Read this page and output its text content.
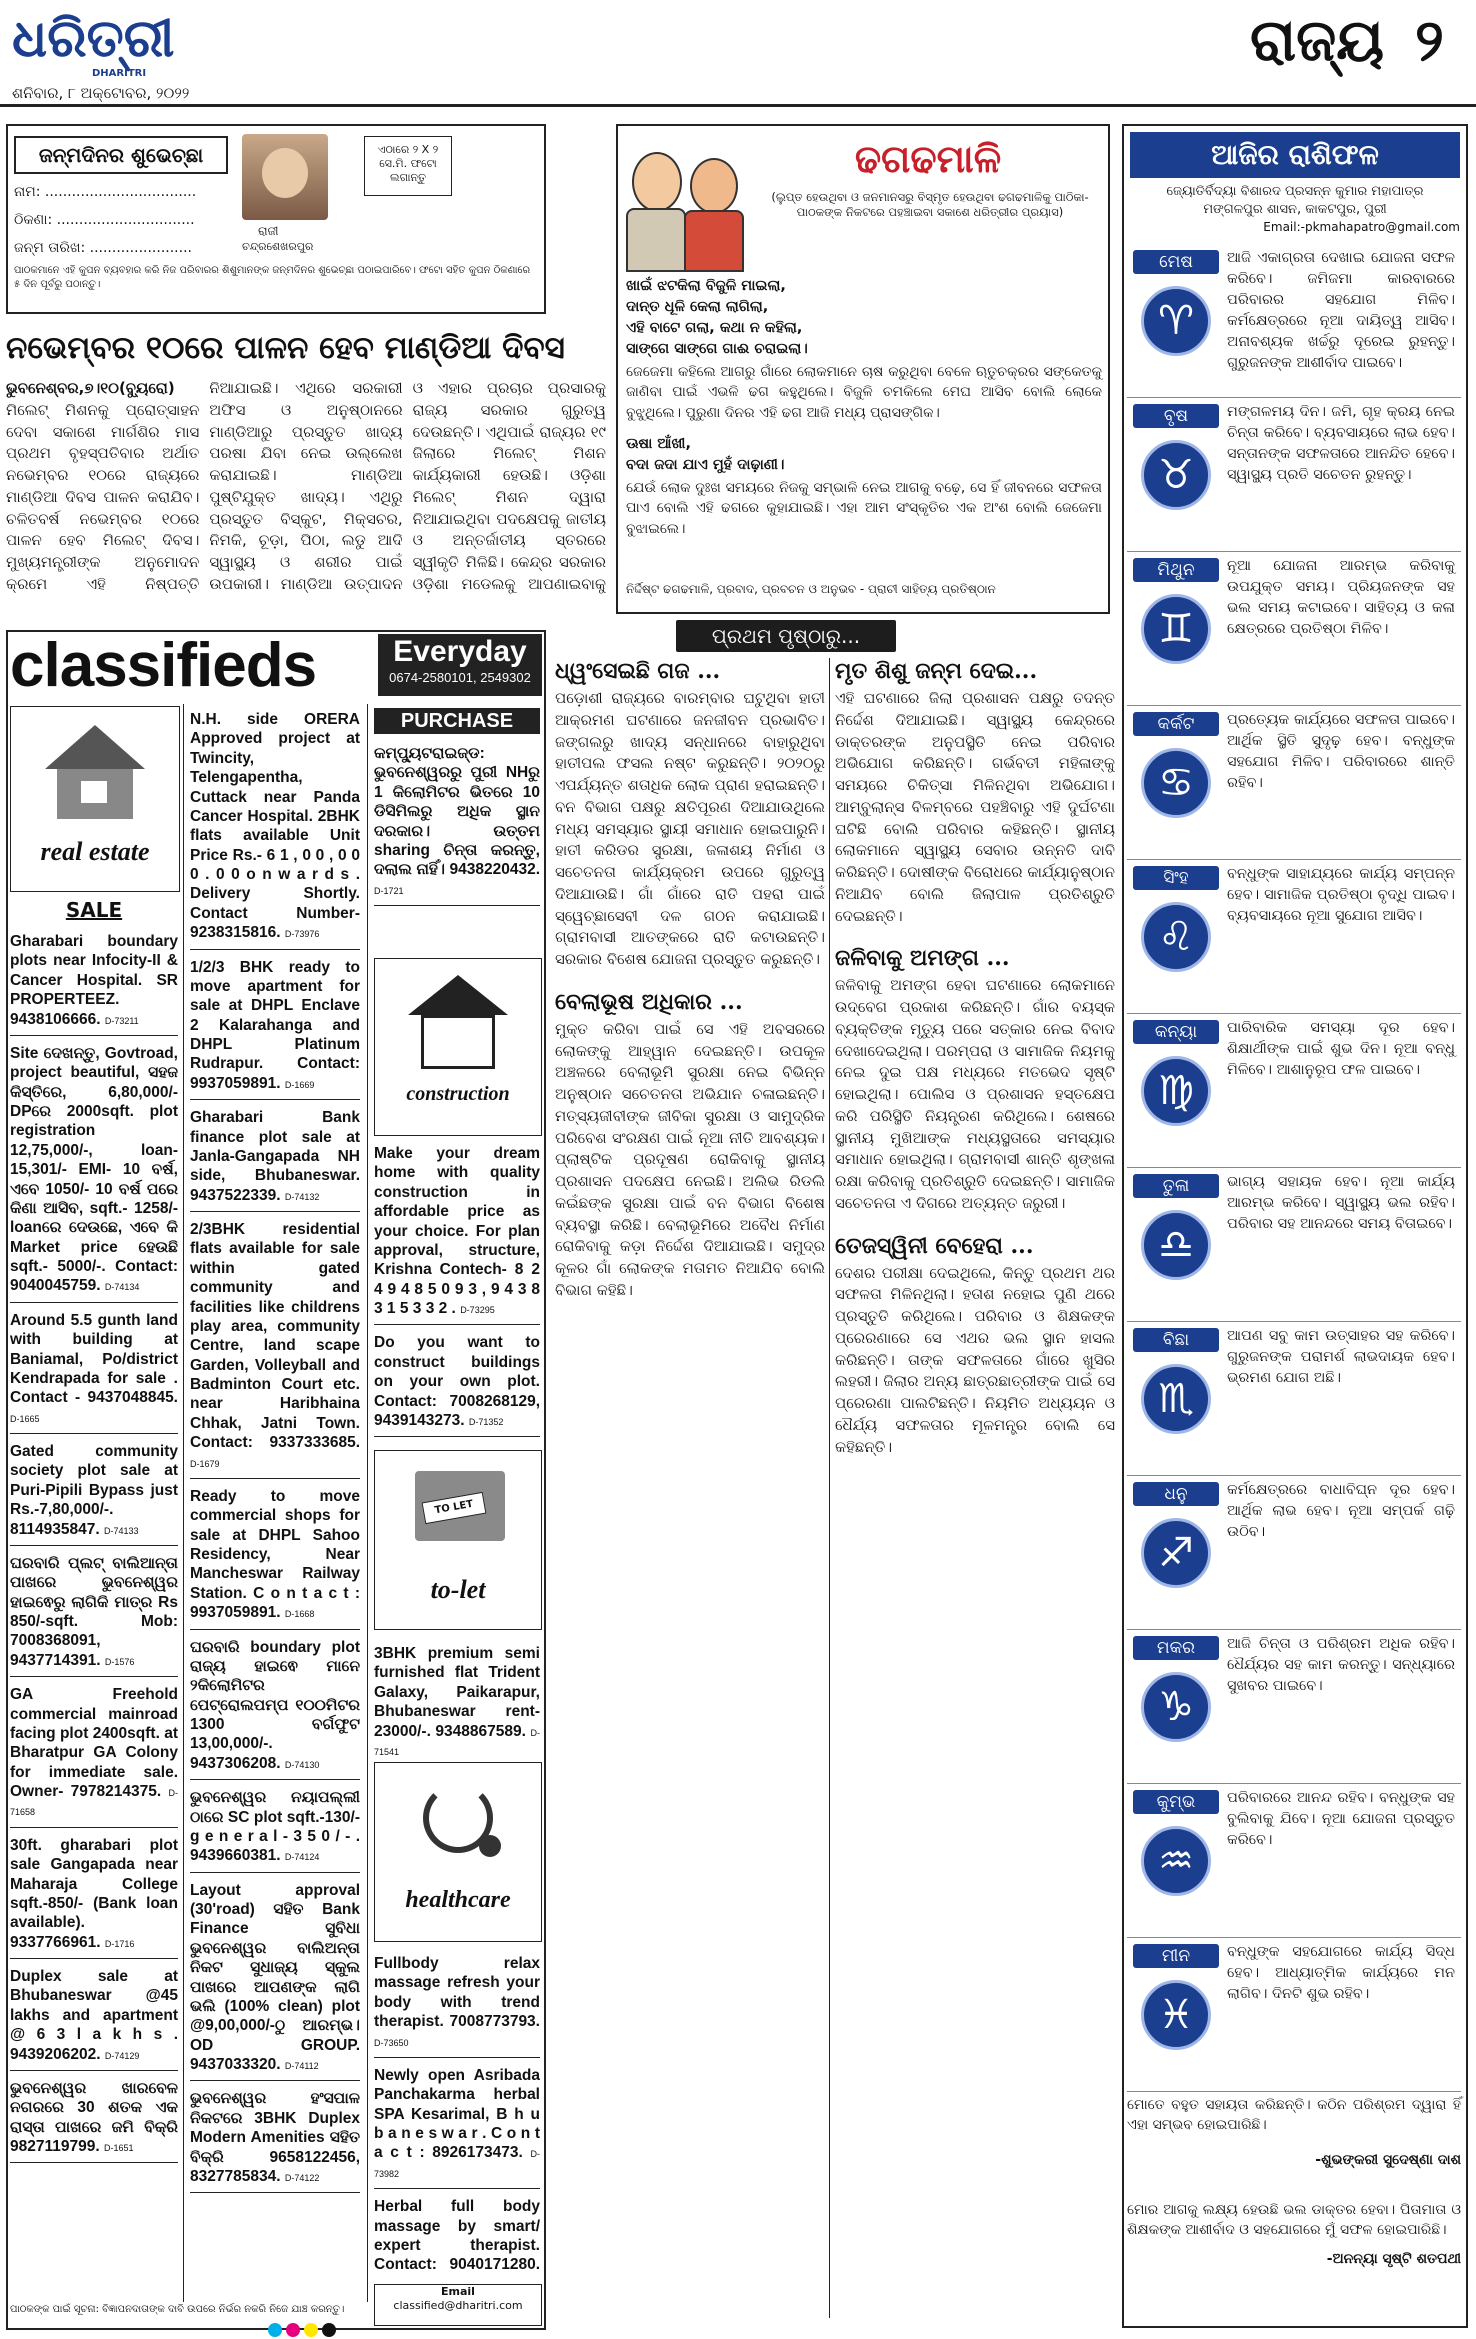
ଧରିତ୍ରୀ
DHARITRI
ଶନିବାର, ୮ ଅକ୍ଟୋବର, ୨୦୨୨
ରାଜ୍ୟ ୨
ଜନ୍ମଦିନର ଶୁଭେଚ୍ଛା
ନାମ: ..................................
ଠିକଣା: ...............................
ଜନ୍ମ ତାରିଖ: .......................
ରାଜୀ
ଚନ୍ଦ୍ରଶେଖରପୁର
ଏଠାରେ ୨ X ୨ ସେ.ମି. ଫଟୋ ଲଗାନ୍ତୁ
ପାଠକମାନେ ଏହି କୁପନ ବ୍ୟବହାର କରି ନିଜ ପରିବାରର ଶିଶୁମାନଙ୍କ ଜନ୍ମଦିନର ଶୁଭେଚ୍ଛା ପଠାଇପାରିବେ। ଫଟୋ ସହିତ କୁପନ ଠିକଣାରେ ୫ ଦିନ ପୂର୍ବରୁ ପଠାନ୍ତୁ।
ନଭେମ୍ବର ୧୦ରେ ପାଳନ ହେବ ମାଣ୍ଡିଆ ଦିବସ
ଭୁବନେଶ୍ବର,୭।୧୦(ବ୍ୟୁରୋ) ମିଲେଟ୍ ମିଶନକୁ ପ୍ରୋତ୍ସାହନ ଦେବା ସକାଶେ ମାର୍ଗଶିର ମାସ ପ୍ରଥମ ବୃହସ୍ପତିବାର ଅର୍ଥାତ ନଭେମ୍ବର ୧୦ରେ ରାଜ୍ୟରେ ମାଣ୍ଡିଆ ଦିବସ ପାଳନ କରାଯିବ। ଚଳିତବର୍ଷ ନଭେମ୍ବର ୧୦ରେ ପାଳନ ହେବ ମିଲେଟ୍ ଦିବସ। ମୁଖ୍ୟମନ୍ତ୍ରୀଙ୍କ ଅନୁମୋଦନ କ୍ରମେ ଏହି ନିଷ୍ପତ୍ତି ନିଆଯାଇଛି। ଏଥିରେ ସରକାରୀ ଅଫିସ ଓ ଅନୁଷ୍ଠାନରେ ମାଣ୍ଡିଆରୁ ପ୍ରସ୍ତୁତ ଖାଦ୍ୟ ପରଷା ଯିବା ନେଇ ଉଲ୍ଲେଖ କରାଯାଇଛି। ମାଣ୍ଡିଆ ପୁଷ୍ଟିଯୁକ୍ତ ଖାଦ୍ୟ। ଏଥିରୁ ପ୍ରସ୍ତୁତ ବିସ୍କୁଟ, ମିକ୍ସଚର, ନିମକି, ଚୂଡ଼ା, ପିଠା, ଲଡୁ ଆଦି ସ୍ୱାସ୍ଥ୍ୟ ଓ ଶରୀର ପାଇଁ ଉପକାରୀ। ମାଣ୍ଡିଆ ଉତ୍ପାଦନ ଓ ଏହାର ପ୍ରଚାର ପ୍ରସାରକୁ ରାଜ୍ୟ ସରକାର ଗୁରୁତ୍ୱ ଦେଉଛନ୍ତି। ଏଥିପାଇଁ ରାଜ୍ୟର ୧୯ ଜିଲାରେ ମିଲେଟ୍ ମିଶନ କାର୍ଯ୍ୟକାରୀ ହେଉଛି। ଓଡ଼ିଶା ମିଲେଟ୍ ମିଶନ ଦ୍ୱାରା ନିଆଯାଇଥିବା ପଦକ୍ଷେପକୁ ଜାତୀୟ ଓ ଅନ୍ତର୍ଜାତୀୟ ସ୍ତରରେ ସ୍ୱୀକୃତି ମିଳିଛି। କେନ୍ଦ୍ର ସରକାର ଓଡ଼ିଶା ମଡେଲକୁ ଆପଣାଇବାକୁ
ଢଗଢମାଳି
(ଲୁପ୍ତ ହେଉଥିବା ଓ ଜନମାନସରୁ ବିସ୍ମୃତ ହେଉଥିବା ଢଗଢମାଳିକୁ ପାଠିକା-ପାଠକଙ୍କ ନିକଟରେ ପହଞ୍ଚାଇବା ସକାଶେ ଧରିତ୍ରୀର ପ୍ରୟାସ)
ଖାଇଁ ଝଟକିଲା ବିଜୁଳି ମାଇଲା,
ଦାନ୍ତ ଧୂଳି କେଲା ଲାଗିଲା,
ଏହି ବାଟେ ଗଲା, କଥା ନ କହିଲା,
ସାଙ୍ଗେ ସାଙ୍ଗେ ଗାଈ ଚରାଇଲା।
ଜେଜେମା କହିଲେ ଆଗରୁ ଗାଁରେ ଲୋକମାନେ ଚାଷ କରୁଥିବା ବେଳେ ଋତୁଚକ୍ରର ସଙ୍କେତକୁ ଜାଣିବା ପାଇଁ ଏଭଳି ଢଗ କହୁଥିଲେ। ବିଜୁଳି ଚମକିଲେ ମେଘ ଆସିବ ବୋଲି ଲୋକେ ବୁଝୁଥିଲେ। ପୁରୁଣା ଦିନର ଏହି ଢଗ ଆଜି ମଧ୍ୟ ପ୍ରାସଙ୍ଗିକ।
ଊଷା ଆଁଖୀ,
ବଦା ଜଦା ଯାଏ ମୁହଁ ଦାଢ଼ାଣୀ।
ଯେଉଁ ଲୋକ ଦୁଃଖ ସମୟରେ ନିଜକୁ ସମ୍ଭାଳି ନେଇ ଆଗକୁ ବଢ଼େ, ସେ ହିଁ ଜୀବନରେ ସଫଳତା ପାଏ ବୋଲି ଏହି ଢଗରେ କୁହାଯାଇଛି। ଏହା ଆମ ସଂସ୍କୃତିର ଏକ ଅଂଶ ବୋଲି ଜେଜେମା ବୁଝାଇଲେ।
ନିର୍ଦ୍ଦିଷ୍ଟ ଢଗଢମାଳି, ପ୍ରବାଦ, ପ୍ରବଚନ ଓ ଅନୁଭବ - ପ୍ରାଚୀ ସାହିତ୍ୟ ପ୍ରତିଷ୍ଠାନ
ଆଜିର ରାଶିଫଳ
ଜ୍ୟୋତିର୍ବିଦ୍ୟା ବିଶାରଦ ପ୍ରସନ୍ନ କୁମାର ମହାପାତ୍ର
ମଙ୍ଗଳପୁର ଶାସନ, କାକଟପୁର, ପୁରୀ
Email:-pkmahapatro@gmail.com
ମେଷ
♈
ଆଜି ଏକାଗ୍ରତା ଦେଖାଇ ଯୋଜନା ସଫଳ କରିବେ। ଜମିଜମା କାରବାରରେ ପରିବାରର ସହଯୋଗ ମିଳିବ। କର୍ମକ୍ଷେତ୍ରରେ ନୂଆ ଦାୟିତ୍ୱ ଆସିବ। ଅନାବଶ୍ୟକ ଖର୍ଚ୍ଚରୁ ଦୂରେଇ ରୁହନ୍ତୁ। ଗୁରୁଜନଙ୍କ ଆଶୀର୍ବାଦ ପାଇବେ।
ବୃଷ
♉
ମଙ୍ଗଳମୟ ଦିନ। ଜମି, ଗୃହ କ୍ରୟ ନେଇ ଚିନ୍ତା କରିବେ। ବ୍ୟବସାୟରେ ଲାଭ ହେବ। ସନ୍ତାନଙ୍କ ସଫଳତାରେ ଆନନ୍ଦିତ ହେବେ। ସ୍ୱାସ୍ଥ୍ୟ ପ୍ରତି ସଚେତନ ରୁହନ୍ତୁ।
ମିଥୁନ
♊
ନୂଆ ଯୋଜନା ଆରମ୍ଭ କରିବାକୁ ଉପଯୁକ୍ତ ସମୟ। ପ୍ରିୟଜନଙ୍କ ସହ ଭଲ ସମୟ କଟାଇବେ। ସାହିତ୍ୟ ଓ କଳା କ୍ଷେତ୍ରରେ ପ୍ରତିଷ୍ଠା ମିଳିବ।
କର୍କଟ
♋
ପ୍ରତ୍ୟେକ କାର୍ଯ୍ୟରେ ସଫଳତା ପାଇବେ। ଆର୍ଥିକ ସ୍ଥିତି ସୁଦୃଢ଼ ହେବ। ବନ୍ଧୁଙ୍କ ସହଯୋଗ ମିଳିବ। ପରିବାରରେ ଶାନ୍ତି ରହିବ।
ସିଂହ
♌
ବନ୍ଧୁଙ୍କ ସାହାଯ୍ୟରେ କାର୍ଯ୍ୟ ସମ୍ପନ୍ନ ହେବ। ସାମାଜିକ ପ୍ରତିଷ୍ଠା ବୃଦ୍ଧି ପାଇବ। ବ୍ୟବସାୟରେ ନୂଆ ସୁଯୋଗ ଆସିବ।
କନ୍ୟା
♍
ପାରିବାରିକ ସମସ୍ୟା ଦୂର ହେବ। ଶିକ୍ଷାର୍ଥୀଙ୍କ ପାଇଁ ଶୁଭ ଦିନ। ନୂଆ ବନ୍ଧୁ ମିଳିବେ। ଆଶାନୁରୂପ ଫଳ ପାଇବେ।
ତୁଳା
♎
ଭାଗ୍ୟ ସହାୟକ ହେବ। ନୂଆ କାର୍ଯ୍ୟ ଆରମ୍ଭ କରିବେ। ସ୍ୱାସ୍ଥ୍ୟ ଭଲ ରହିବ। ପରିବାର ସହ ଆନନ୍ଦରେ ସମୟ ବିତାଇବେ।
ବିଛା
♏
ଆପଣ ସବୁ କାମ ଉତ୍ସାହର ସହ କରିବେ। ଗୁରୁଜନଙ୍କ ପରାମର୍ଶ ଲାଭଦାୟକ ହେବ। ଭ୍ରମଣ ଯୋଗ ଅଛି।
ଧନୁ
♐
କର୍ମକ୍ଷେତ୍ରରେ ବାଧାବିଘ୍ନ ଦୂର ହେବ। ଆର୍ଥିକ ଲାଭ ହେବ। ନୂଆ ସମ୍ପର୍କ ଗଢ଼ି ଉଠିବ।
ମକର
♑
ଆଜି ଚିନ୍ତା ଓ ପରିଶ୍ରମ ଅଧିକ ରହିବ। ଧୈର୍ଯ୍ୟର ସହ କାମ କରନ୍ତୁ। ସନ୍ଧ୍ୟାରେ ସୁଖବର ପାଇବେ।
କୁମ୍ଭ
♒
ପରିବାରରେ ଆନନ୍ଦ ରହିବ। ବନ୍ଧୁଙ୍କ ସହ ବୁଲିବାକୁ ଯିବେ। ନୂଆ ଯୋଜନା ପ୍ରସ୍ତୁତ କରିବେ।
ମୀନ
♓
ବନ୍ଧୁଙ୍କ ସହଯୋଗରେ କାର୍ଯ୍ୟ ସିଦ୍ଧ ହେବ। ଆଧ୍ୟାତ୍ମିକ କାର୍ଯ୍ୟରେ ମନ ଲାଗିବ। ଦିନଟି ଶୁଭ ରହିବ।
ମୋତେ ବହୁତ ସହାୟତା କରିଛନ୍ତି। କଠିନ ପରିଶ୍ରମ ଦ୍ୱାରା ହିଁ ଏହା ସମ୍ଭବ ହୋଇପାରିଛି।
-ଶୁଭଙ୍କରୀ ସୁଦେଷ୍ଣା ଦାଶ
ମୋର ଆଗକୁ ଲକ୍ଷ୍ୟ ହେଉଛି ଭଲ ଡାକ୍ତର ହେବା। ପିତାମାତା ଓ ଶିକ୍ଷକଙ୍କ ଆଶୀର୍ବାଦ ଓ ସହଯୋଗରେ ମୁଁ ସଫଳ ହୋଇପାରିଛି।
-ଅନନ୍ୟା ସୃଷ୍ଟି ଶତପଥୀ
ପ୍ରଥମ ପୃଷ୍ଠାରୁ...
ଧ୍ୱଂସେଇଛି ଗଜ ...
ପଡ଼ୋଶୀ ରାଜ୍ୟରେ ବାରମ୍ବାର ଘଟୁଥିବା ହାତୀ ଆକ୍ରମଣ ଘଟଣାରେ ଜନଜୀବନ ପ୍ରଭାବିତ। ଜଙ୍ଗଲରୁ ଖାଦ୍ୟ ସନ୍ଧାନରେ ବାହାରୁଥିବା ହାତୀପଲ ଫସଲ ନଷ୍ଟ କରୁଛନ୍ତି। ୨୦୨୦ରୁ ଏପର୍ଯ୍ୟନ୍ତ ଶତାଧିକ ଲୋକ ପ୍ରାଣ ହରାଇଛନ୍ତି। ବନ ବିଭାଗ ପକ୍ଷରୁ କ୍ଷତିପୂରଣ ଦିଆଯାଉଥିଲେ ମଧ୍ୟ ସମସ୍ୟାର ସ୍ଥାୟୀ ସମାଧାନ ହୋଇପାରୁନି। ହାତୀ କରିଡର ସୁରକ୍ଷା, ଜଳାଶୟ ନିର୍ମାଣ ଓ ସଚେତନତା କାର୍ଯ୍ୟକ୍ରମ ଉପରେ ଗୁରୁତ୍ୱ ଦିଆଯାଉଛି। ଗାଁ ଗାଁରେ ରାତି ପହରା ପାଇଁ ସ୍ୱେଚ୍ଛାସେବୀ ଦଳ ଗଠନ କରାଯାଇଛି। ଗ୍ରାମବାସୀ ଆତଙ୍କରେ ରାତି କଟାଉଛନ୍ତି। ସରକାର ବିଶେଷ ଯୋଜନା ପ୍ରସ୍ତୁତ କରୁଛନ୍ତି।
ବେଲାଭୂଷ ଅଧିକାର ...
ମୁକ୍ତ କରିବା ପାଇଁ ସେ ଏହି ଅବସରରେ ଲୋକଙ୍କୁ ଆହ୍ୱାନ ଦେଇଛନ୍ତି। ଉପକୂଳ ଅଞ୍ଚଳରେ ବେଲାଭୂମି ସୁରକ୍ଷା ନେଇ ବିଭିନ୍ନ ଅନୁଷ୍ଠାନ ସଚେତନତା ଅଭିଯାନ ଚଳାଇଛନ୍ତି। ମତ୍ସ୍ୟଜୀବୀଙ୍କ ଜୀବିକା ସୁରକ୍ଷା ଓ ସାମୁଦ୍ରିକ ପରିବେଶ ସଂରକ୍ଷଣ ପାଇଁ ନୂଆ ନୀତି ଆବଶ୍ୟକ। ପ୍ଲାଷ୍ଟିକ ପ୍ରଦୂଷଣ ରୋକିବାକୁ ସ୍ଥାନୀୟ ପ୍ରଶାସନ ପଦକ୍ଷେପ ନେଇଛି। ଅଲିଭ ରିଡଲି କଇଁଛଙ୍କ ସୁରକ୍ଷା ପାଇଁ ବନ ବିଭାଗ ବିଶେଷ ବ୍ୟବସ୍ଥା କରିଛି। ବେଲାଭୂମିରେ ଅବୈଧ ନିର୍ମାଣ ରୋକିବାକୁ କଡ଼ା ନିର୍ଦ୍ଦେଶ ଦିଆଯାଇଛି। ସମୁଦ୍ର କୂଳର ଗାଁ ଲୋକଙ୍କ ମତାମତ ନିଆଯିବ ବୋଲି ବିଭାଗ କହିଛି।
ମୃତ ଶିଶୁ ଜନ୍ମ ଦେଇ...
ଏହି ଘଟଣାରେ ଜିଲା ପ୍ରଶାସନ ପକ୍ଷରୁ ତଦନ୍ତ ନିର୍ଦ୍ଦେଶ ଦିଆଯାଇଛି। ସ୍ୱାସ୍ଥ୍ୟ କେନ୍ଦ୍ରରେ ଡାକ୍ତରଙ୍କ ଅନୁପସ୍ଥିତି ନେଇ ପରିବାର ଅଭିଯୋଗ କରିଛନ୍ତି। ଗର୍ଭବତୀ ମହିଳାଙ୍କୁ ସମୟରେ ଚିକିତ୍ସା ମିଳିନଥିବା ଅଭିଯୋଗ। ଆମ୍ବୁଲାନ୍ସ ବିଳମ୍ବରେ ପହଞ୍ଚିବାରୁ ଏହି ଦୁର୍ଘଟଣା ଘଟିଛି ବୋଲି ପରିବାର କହିଛନ୍ତି। ସ୍ଥାନୀୟ ଲୋକମାନେ ସ୍ୱାସ୍ଥ୍ୟ ସେବାର ଉନ୍ନତି ଦାବି କରିଛନ୍ତି। ଦୋଷୀଙ୍କ ବିରୋଧରେ କାର୍ଯ୍ୟାନୁଷ୍ଠାନ ନିଆଯିବ ବୋଲି ଜିଲାପାଳ ପ୍ରତିଶ୍ରୁତି ଦେଇଛନ୍ତି।
ଜଳିବାକୁ ଅମଙ୍ଗ ...
ଜଳିବାକୁ ଅମଙ୍ଗ ହେବା ଘଟଣାରେ ଲୋକମାନେ ଉଦ୍‌ବେଗ ପ୍ରକାଶ କରିଛନ୍ତି। ଗାଁର ବୟସ୍କ ବ୍ୟକ୍ତିଙ୍କ ମୃତ୍ୟୁ ପରେ ସତ୍କାର ନେଇ ବିବାଦ ଦେଖାଦେଇଥିଲା। ପରମ୍ପରା ଓ ସାମାଜିକ ନିୟମକୁ ନେଇ ଦୁଇ ପକ୍ଷ ମଧ୍ୟରେ ମତଭେଦ ସୃଷ୍ଟି ହୋଇଥିଲା। ପୋଲିସ ଓ ପ୍ରଶାସନ ହସ୍ତକ୍ଷେପ କରି ପରିସ୍ଥିତି ନିୟନ୍ତ୍ରଣ କରିଥିଲେ। ଶେଷରେ ସ୍ଥାନୀୟ ମୁଖିଆଙ୍କ ମଧ୍ୟସ୍ଥତାରେ ସମସ୍ୟାର ସମାଧାନ ହୋଇଥିଲା। ଗ୍ରାମବାସୀ ଶାନ୍ତି ଶୃଙ୍ଖଳା ରକ୍ଷା କରିବାକୁ ପ୍ରତିଶ୍ରୁତି ଦେଇଛନ୍ତି। ସାମାଜିକ ସଚେତନତା ଏ ଦିଗରେ ଅତ୍ୟନ୍ତ ଜରୁରୀ।
ତେଜସ୍ୱିନୀ ବେହେରା ...
ଦେଶର ପରୀକ୍ଷା ଦେଇଥିଲେ, କିନ୍ତୁ ପ୍ରଥମ ଥର ସଫଳତା ମିଳିନଥିଲା। ହତାଶ ନହୋଇ ପୁଣି ଥରେ ପ୍ରସ୍ତୁତି କରିଥିଲେ। ପରିବାର ଓ ଶିକ୍ଷକଙ୍କ ପ୍ରେରଣାରେ ସେ ଏଥର ଭଲ ସ୍ଥାନ ହାସଲ କରିଛନ୍ତି। ତାଙ୍କ ସଫଳତାରେ ଗାଁରେ ଖୁସିର ଲହରୀ। ଜିଲାର ଅନ୍ୟ ଛାତ୍ରଛାତ୍ରୀଙ୍କ ପାଇଁ ସେ ପ୍ରେରଣା ପାଲଟିଛନ୍ତି। ନିୟମିତ ଅଧ୍ୟୟନ ଓ ଧୈର୍ଯ୍ୟ ସଫଳତାର ମୂଳମନ୍ତ୍ର ବୋଲି ସେ କହିଛନ୍ତି।
classifieds	Everyday
0674-2580101, 2549302
real estate
SALE
Gharabari boundary plots near Infocity-II & Cancer Hospital. SR PROPERTEEZ. 9438106666. D-73211
Site ଦେଖନ୍ତୁ, Govtroad, project beautiful, ସହଜ କିସ୍ତିରେ, 6,80,000/-DPରେ 2000sqft. plot registration 12,75,000/-, loan-15,301/- EMI- 10 ବର୍ଷ, ଏବେ 1050/- 10 ବର୍ଷ ପରେ କିଣା ଆସିବ, sqft.- 1258/- loanରେ ଦେଉଛେ, ଏବେ କି Market price ହେଉଛି sqft.- 5000/-. Contact: 9040045759. D-74134
Around 5.5 gunth land with building at Baniamal, Po/district Kendrapada for sale . Contact - 9437048845. D-1665
Gated community society plot sale at Puri-Pipili Bypass just Rs.-7,80,000/-. 8114935847. D-74133
ଘରବାରି ପ୍ଲଟ୍ ବାଲିଆନ୍ତା ପାଖରେ ଭୁବନେଶ୍ୱର ହାଇଵେରୁ ଲାଗିକି ମାତ୍ର Rs 850/-sqft. Mob: 7008368091, 9437714391. D-1576
GA Freehold commercial mainroad facing plot 2400sqft. at Bharatpur GA Colony for immediate sale. Owner- 7978214375. D-71658
30ft. gharabari plot sale Gangapada near Maharaja College sqft.-850/- (Bank loan available). 9337766961. D-1716
Duplex sale at Bhubaneswar @45 lakhs and apartment @ 6 3 l a k h s . 9439206202. D-74129
ଭୁବନେଶ୍ୱର ଖାରବେଳ ନଗରରେ 30 ଶତକ ଏକ ରାସ୍ତା ପାଖରେ ଜମି ବିକ୍ରି 9827119799. D-1651
N.H. side ORERA Approved project at Twincity, Telengapentha, Cuttack near Panda Cancer Hospital. 2BHK flats available Unit Price Rs.- 6 1 , 0 0 , 0 0 0 . 0 0 o n w a r d s . Delivery Shortly. Contact Number- 9238315816. D-73976
1/2/3 BHK ready to move apartment for sale at DHPL Enclave 2 Kalarahanga and DHPL Platinum Rudrapur. Contact: 9937059891. D-1669
Gharabari Bank finance plot sale at Janla-Gangapada NH side, Bhubaneswar. 9437522339. D-74132
2/3BHK residential flats available for sale within gated community and facilities like childrens play area, community Centre, land scape Garden, Volleyball and Badminton Court etc. near Haribhaina Chhak, Jatni Town. Contact: 9337333685. D-1679
Ready to move commercial shops for sale at DHPL Sahoo Residency, Near Mancheswar Railway Station. C o n t a c t : 9937059891. D-1668
ଘରବାରି boundary plot ରାଜ୍ୟ ହାଇଵେ ମାନେ ୨କିଲୋମିଟର ପେଟ୍ରୋଲପମ୍ପ ୧୦୦ମିଟର 1300 ବର୍ଗଫୁଟ 13,00,000/-. 9437306208. D-74130
ଭୁବନେଶ୍ୱର ନୟାପଲ୍ଲୀ ଠାରେ SC plot sqft.-130/- g e n e r a l - 3 5 0 / - . 9439660381. D-74124
Layout approval (30'road) ସହିତ Bank Finance ସୁବିଧା ଭୁବନେଶ୍ୱର ବାଲିଅନ୍ତା ନିକଟ ସୁଧାଜ୍ୟ ସ୍କୁଲ ପାଖରେ ଆପଣଙ୍କ ଲାଗି ଭଲି (100% clean) plot @9,00,000/-ଠୁ ଆରମ୍ଭ। OD GROUP. 9437033320. D-74112
ଭୁବନେଶ୍ୱର ହଂସପାଳ ନିକଟରେ 3BHK Duplex Modern Amenities ସହିତ ବିକ୍ରି 9658122456, 8327785834. D-74122
PURCHASE
କମ୍ପ୍ୟୁଟରାଇଜ୍ଡ: ଭୁବନେଶ୍ୱରରୁ ପୁରୀ NHରୁ 1 କିଲୋମିଟର ଭିତରେ 10 ଡିସିମିଲରୁ ଅଧିକ ସ୍ଥାନ ଦରକାର। ଉତ୍ତମ sharing ଚିନ୍ତା କରନ୍ତୁ, ଦଲାଲ ନାହିଁ। 9438220432. D-1721
construction
Make your dream home with quality construction in affordable price as your choice. For plan approval, structure, Krishna Contech- 8 2 4 9 4 8 5 0 9 3 , 9 4 3 8 3 1 5 3 3 2 . D-73295
Do you want to construct buildings on your own plot. Contact: 7008268129, 9439143273. D-71352
TO LET
to-let
3BHK premium semi furnished flat Trident Galaxy, Paikarapur, Bhubaneswar rent- 23000/-. 9348867589. D-71541
healthcare
Fullbody relax massage refresh your body with trend therapist. 7008773793. D-73650
Newly open Asribada Panchakarma herbal SPA Kesarimal, B h u b a n e s w a r . C o n t a c t : 8926173473. D-73982
Herbal full body massage by smart/ expert therapist. Contact: 9040171280.
Email
classified@dharitri.com
ପାଠକଙ୍କ ପାଇଁ ସୂଚନା: ବିଜ୍ଞାପନଦାତାଙ୍କ ଦାବି ଉପରେ ନିର୍ଭର ନକରି ନିଜେ ଯାଞ୍ଚ କରନ୍ତୁ।
